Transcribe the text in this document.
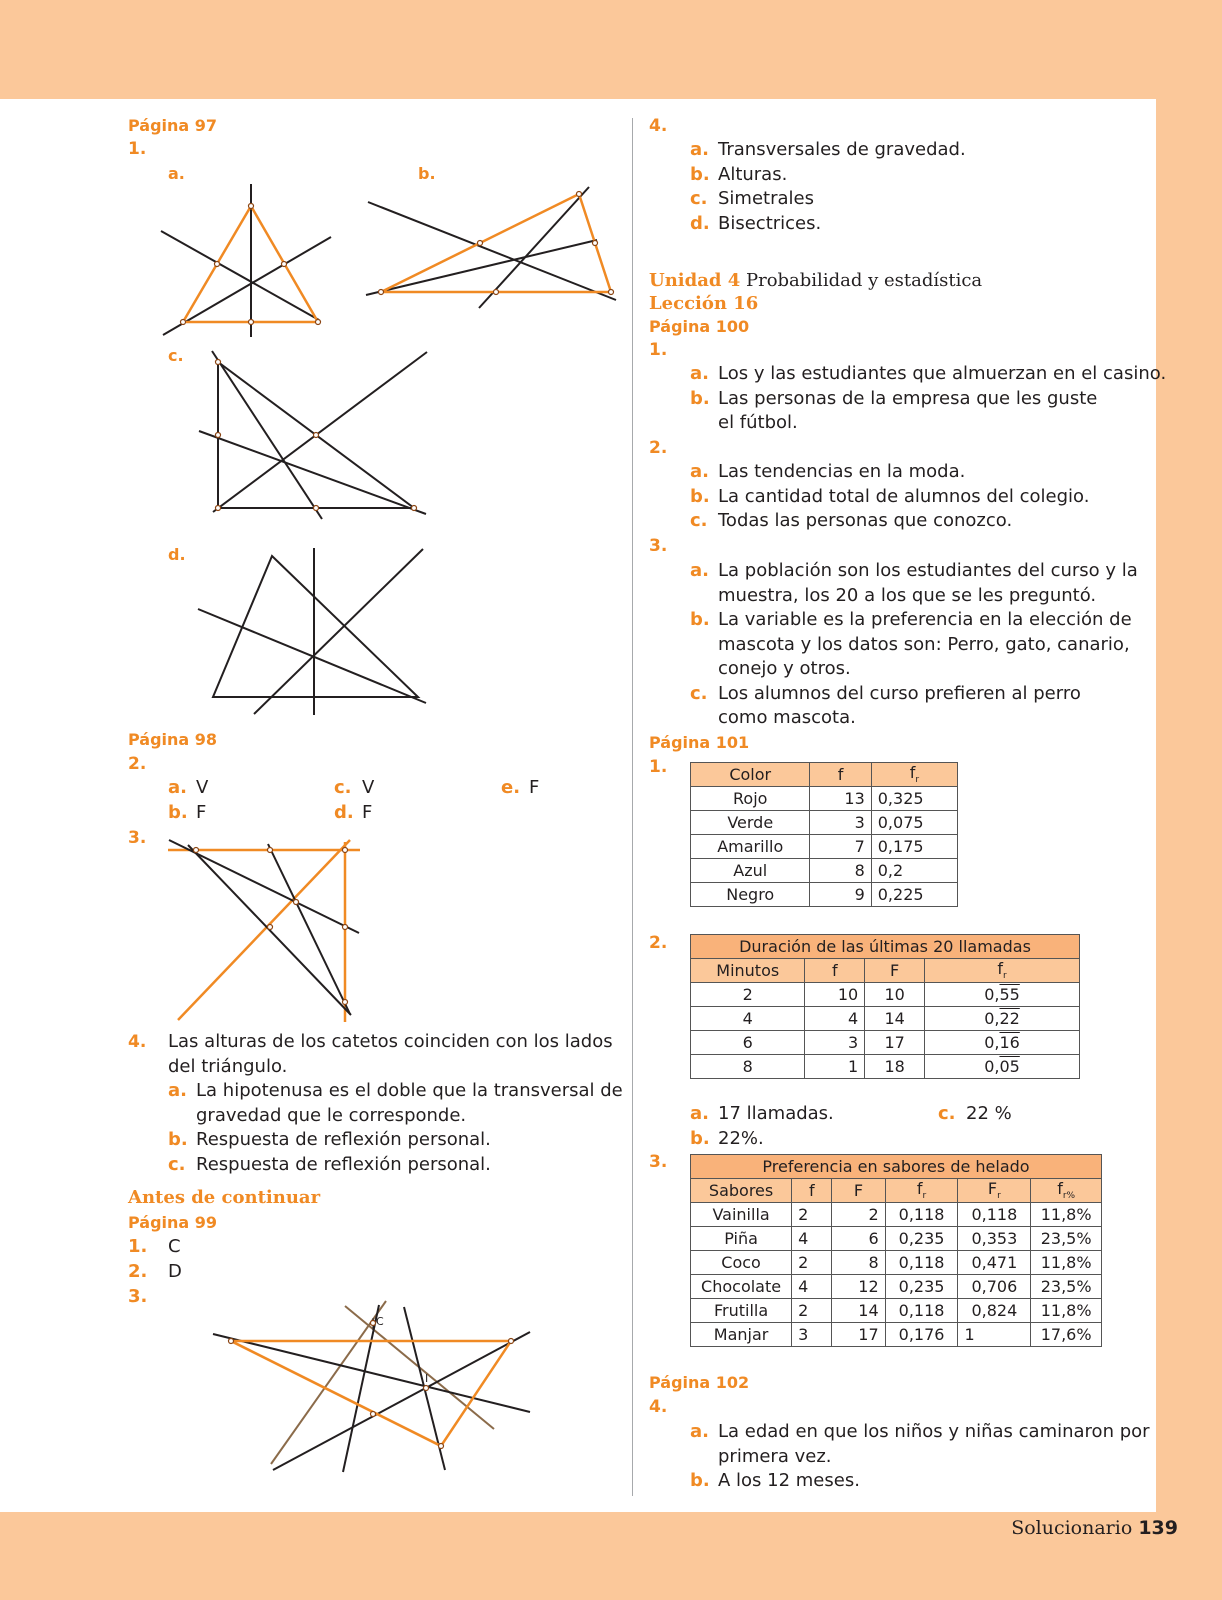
Página 97
1.
a.	b.
c.
d.
Página 98
2.
a. V
b. F
c. V
d. F
e. F
3.
4. Las alturas de los catetos coinciden con los lados
del triángulo.
a. La hipotenusa es el doble que la transversal de
gravedad que le corresponde.
b. Respuesta de reflexión personal.
c. Respuesta de reflexión personal.
Antes de continuar
Página 99
1. C
2. D
3.
C
I
4.
a. Transversales de gravedad.
b. Alturas.
c. Simetrales
d. Bisectrices.
Unidad 4 Probabilidad y estadística
Lección 16
Página 100
1.
a. Los y las estudiantes que almuerzan en el casino.
b. Las personas de la empresa que les guste
el fútbol.
2.
a. Las tendencias en la moda.
b. La cantidad total de alumnos del colegio.
c. Todas las personas que conozco.
3.
a. La población son los estudiantes del curso y la
muestra, los 20 a los que se les preguntó.
b. La variable es la preferencia en la elección de
mascota y los datos son: Perro, gato, canario,
conejo y otros.
c. Los alumnos del curso prefieren al perro
como mascota.
Página 101
1.	Color	f	$f_r$
Rojo	13	0,325
Verde	3	0,075
Amarillo	7	0,175
Azul	8	0,2
Negro	9	0,225
2.	Duración de las últimas 20 llamadas			
Minutos	f	F	$f_r$
2	10	10	0,55
4	4	14	0,22
6	3	17	0,16
8	1	18	0,05
a. 17 llamadas.
b. 22%.
c. 22 %
3.	Preferencia en sabores de helado					
Sabores	f	F	$f_r$	$F_r$	$f_{r\%}$
Vainilla	2	2	0,118	0,118	11,8%
Piña	4	6	0,235	0,353	23,5%
Coco	2	8	0,118	0,471	11,8%
Chocolate	4	12	0,235	0,706	23,5%
Frutilla	2	14	0,118	0,824	11,8%
Manjar	3	17	0,176	1	17,6%
Página 102
4.
a. La edad en que los niños y niñas caminaron por
primera vez.
b. A los 12 meses.
Solucionario 139
